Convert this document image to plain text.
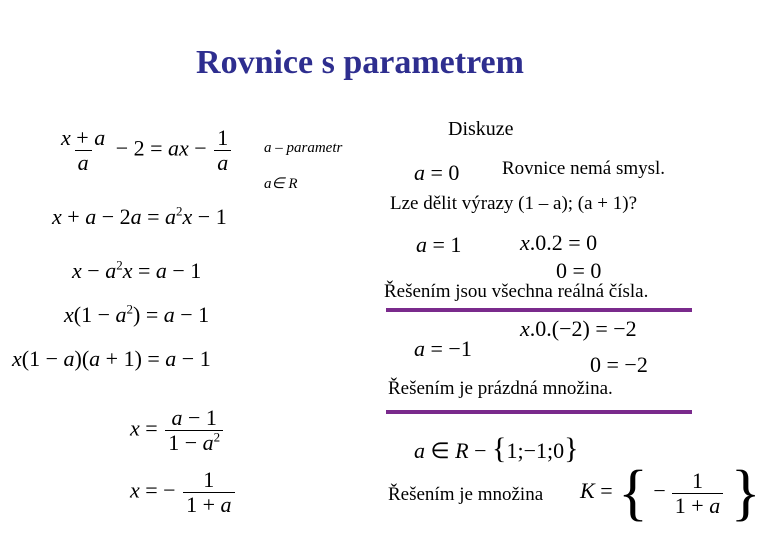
Rovnice s parametrem
$\frac{x + a}{a} - 2$ = ax − $\frac{1}{a}$
$x + a - 2a = a^2x - 1$
$x - a^2x = a - 1$
$x(1 - a^2) = a - 1$
x(1 − a)(a + 1) = a − 1
$x = \frac{a - 1}{1 - a^2}$
x = − $\frac{1}{1 + a}$
a – parametr
a∈ R
Diskuze
a = 0 Rovnice nemá smysl.
Lze dělit výrazy (1 – a); (a + 1)?
a = 1	x.0.2 = 0
0 = 0
Řešením jsou všechna reálná čísla.
a = −1
x.0.(−2) = −2
0 = −2
Řešením je prázdná množina.
a ∈ R − {1;−1;0}
Řešením je množina K = { − $\frac{1}{1 + a}$ }
